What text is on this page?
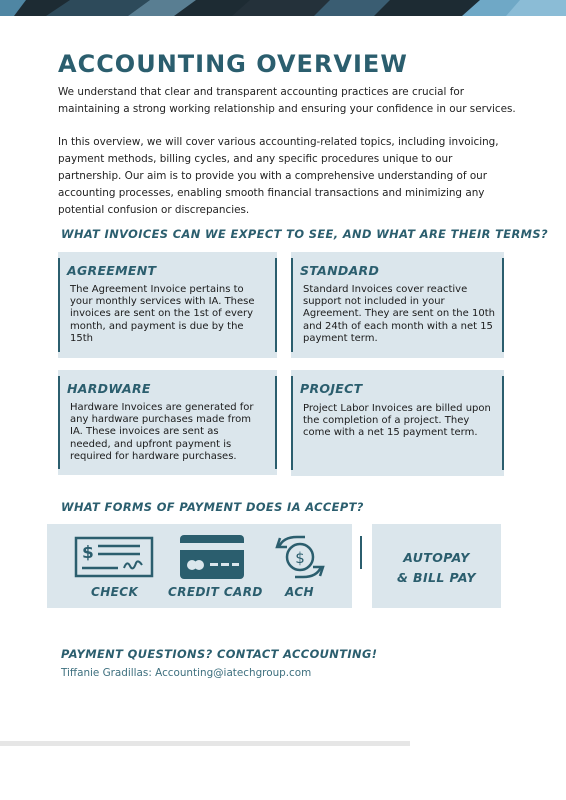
ACCOUNTING OVERVIEW

We understand that clear and transparent accounting practices are crucial for maintaining a strong working relationship and ensuring your confidence in our services.

In this overview, we will cover various accounting-related topics, including invoicing, payment methods, billing cycles, and any specific procedures unique to our partnership. Our aim is to provide you with a comprehensive understanding of our accounting processes, enabling smooth financial transactions and minimizing any potential confusion or discrepancies.

WHAT INVOICES CAN WE EXPECT TO SEE, AND WHAT ARE THEIR TERMS?
AGREEMENT

The Agreement Invoice pertains to your monthly services with IA. These invoices are sent on the 1st of every month, and payment is due by the 15th

STANDARD

Standard Invoices cover reactive support not included in your Agreement. They are sent on the 10th and 24th of each month with a net 15 payment term.

HARDWARE

Hardware Invoices are generated for any hardware purchases made from IA. These invoices are sent as needed, and upfront payment is required for hardware purchases.

PROJECT

Project Labor Invoices are billed upon the completion of a project. They come with a net 15 payment term.

WHAT FORMS OF PAYMENT DOES IA ACCEPT?
$
CHECK CREDIT CARD
$
ACH

AUTOPAY

& BILL PAY

PAYMENT QUESTIONS? CONTACT ACCOUNTING!

Tiffanie Gradillas: Accounting@iatechgroup.com
